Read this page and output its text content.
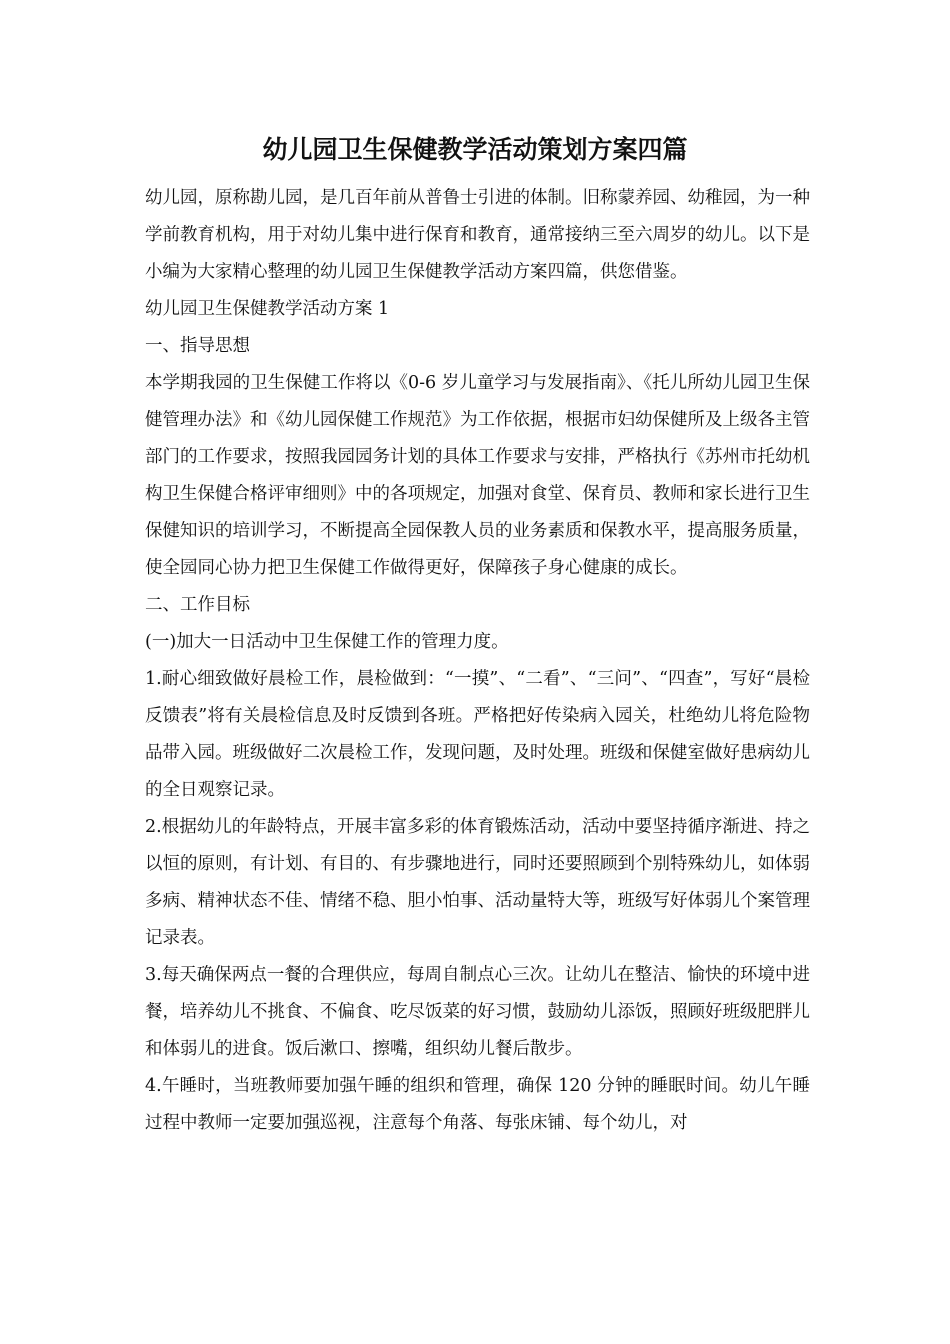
幼儿园卫生保健教学活动策划方案四篇

幼儿园，原称勘儿园，是几百年前从普鲁士引进的体制。旧称蒙养园、幼稚园，为一种学前教育机构，用于对幼儿集中进行保育和教育，通常接纳三至六周岁的幼儿。以下是小编为大家精心整理的幼儿园卫生保健教学活动方案四篇，供您借鉴。

幼儿园卫生保健教学活动方案 1

一、指导思想

本学期我园的卫生保健工作将以《0-6 岁儿童学习与发展指南》、《托儿所幼儿园卫生保健管理办法》和《幼儿园保健工作规范》为工作依据，根据市妇幼保健所及上级各主管部门的工作要求，按照我园园务计划的具体工作要求与安排，严格执行《苏州市托幼机构卫生保健合格评审细则》中的各项规定，加强对食堂、保育员、教师和家长进行卫生保健知识的培训学习，不断提高全园保教人员的业务素质和保教水平，提高服务质量，使全园同心协力把卫生保健工作做得更好，保障孩子身心健康的成长。

二、工作目标

(一)加大一日活动中卫生保健工作的管理力度。

1.耐心细致做好晨检工作，晨检做到：“一摸”、“二看”、“三问”、“四查”，写好“晨检反馈表”将有关晨检信息及时反馈到各班。严格把好传染病入园关，杜绝幼儿将危险物品带入园。班级做好二次晨检工作，发现问题，及时处理。班级和保健室做好患病幼儿的全日观察记录。

2.根据幼儿的年龄特点，开展丰富多彩的体育锻炼活动，活动中要坚持循序渐进、持之以恒的原则，有计划、有目的、有步骤地进行，同时还要照顾到个别特殊幼儿，如体弱多病、精神状态不佳、情绪不稳、胆小怕事、活动量特大等，班级写好体弱儿个案管理记录表。

3.每天确保两点一餐的合理供应，每周自制点心三次。让幼儿在整洁、愉快的环境中进餐，培养幼儿不挑食、不偏食、吃尽饭菜的好习惯，鼓励幼儿添饭，照顾好班级肥胖儿和体弱儿的进食。饭后漱口、擦嘴，组织幼儿餐后散步。

4.午睡时，当班教师要加强午睡的组织和管理，确保 120 分钟的睡眠时间。幼儿午睡过程中教师一定要加强巡视，注意每个角落、每张床铺、每个幼儿，对
